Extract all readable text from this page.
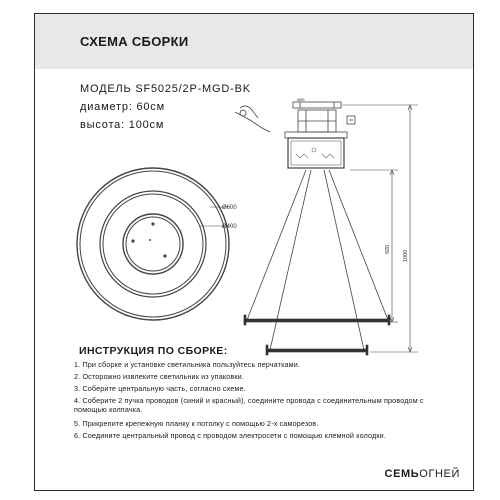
СХЕМА СБОРКИ
МОДЕЛЬ SF5025/2P-MGD-BK
диаметр: 60см
высота: 100см
Ø600
Ø400
Ø85
1000
920
ИНСТРУКЦИЯ ПО СБОРКЕ:
1. При сборке и установке светильника пользуйтесь перчатками.
2. Осторожно извлеките светильник из упаковки.
3. Соберите центральную часть, согласно схеме.
4. Соберите 2 пучка проводов (синий и красный), соедините провода с соединительным проводом с помощью колпачка.
5. Прикрепите крепежную планку к потолку с помощью 2-х саморезов.
6. Соедините центральный провод с проводом электросети с помощью клемной колодки.
СЕМЬОГНЕЙ
